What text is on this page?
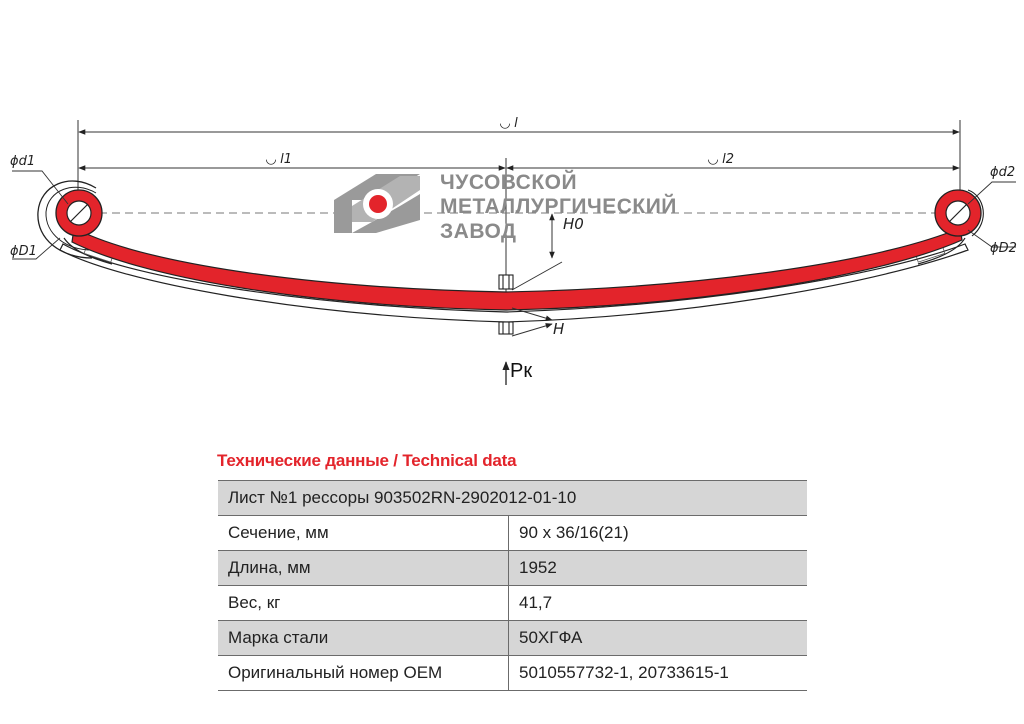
◡ l
◡ l1	◡ l2
ϕd1
ϕD1
ϕd2
ϕD2
H0
H
Pк
ЧУСОВСКОЙ
МЕТАЛЛУРГИЧЕСКИЙ
ЗАВОД
Технические данные / Technical data
Лист №1 рессоры 903502RN-2902012-01-10	
Сечение, мм	90 х 36/16(21)
Длина, мм	1952
Вес, кг	41,7
Марка стали	50ХГФА
Оригинальный номер OEM	5010557732-1, 20733615-1
